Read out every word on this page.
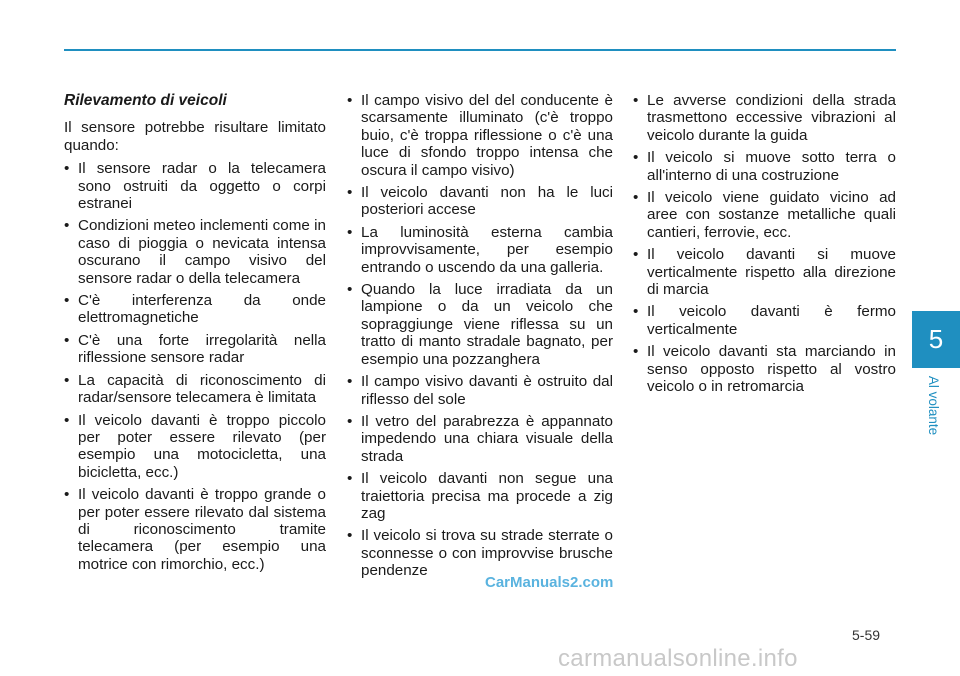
Rilevamento di veicoli

Il sensore potrebbe risultare limitato quando:

• Il sensore radar o la telecamera sono ostruiti da oggetto o corpi estranei
• Condizioni meteo inclementi come in caso di pioggia o nevicata intensa oscurano il campo visivo del sensore radar o della telecamera
• C'è interferenza da onde elettromagnetiche
• C'è una forte irregolarità nella riflessione sensore radar
• La capacità di riconoscimento di radar/sensore telecamera è limitata
• Il veicolo davanti è troppo piccolo per poter essere rilevato (per esempio una motocicletta, una bicicletta, ecc.)
• Il veicolo davanti è troppo grande o per poter essere rilevato dal sistema di riconoscimento tramite telecamera (per esempio una motrice con rimorchio, ecc.)
• Il campo visivo del del conducente è scarsamente illuminato (c'è troppo buio, c'è troppa riflessione o c'è una luce di sfondo troppo intensa che oscura il campo visivo)
• Il veicolo davanti non ha le luci posteriori accese
• La luminosità esterna cambia improvvisamente, per esempio entrando o uscendo da una galleria.
• Quando la luce irradiata da un lampione o da un veicolo che sopraggiunge viene riflessa su un tratto di manto stradale bagnato, per esempio una pozzanghera
• Il campo visivo davanti è ostruito dal riflesso del sole
• Il vetro del parabrezza è appannato impedendo una chiara visuale della strada
• Il veicolo davanti non segue una traiettoria precisa ma procede a zig zag
• Il veicolo si trova su strade sterrate o sconnesse o con improvvise brusche pendenze
• Le avverse condizioni della strada trasmettono eccessive vibrazioni al veicolo durante la guida
• Il veicolo si muove sotto terra o all'interno di una costruzione
• Il veicolo viene guidato vicino ad aree con sostanze metalliche quali cantieri, ferrovie, ecc.
• Il veicolo davanti si muove verticalmente rispetto alla direzione di marcia
• Il veicolo davanti è fermo verticalmente
• Il veicolo davanti sta marciando in senso opposto rispetto al vostro veicolo o in retromarcia
5
Al volante
5-59
CarManuals2.com
carmanualsonline.info
